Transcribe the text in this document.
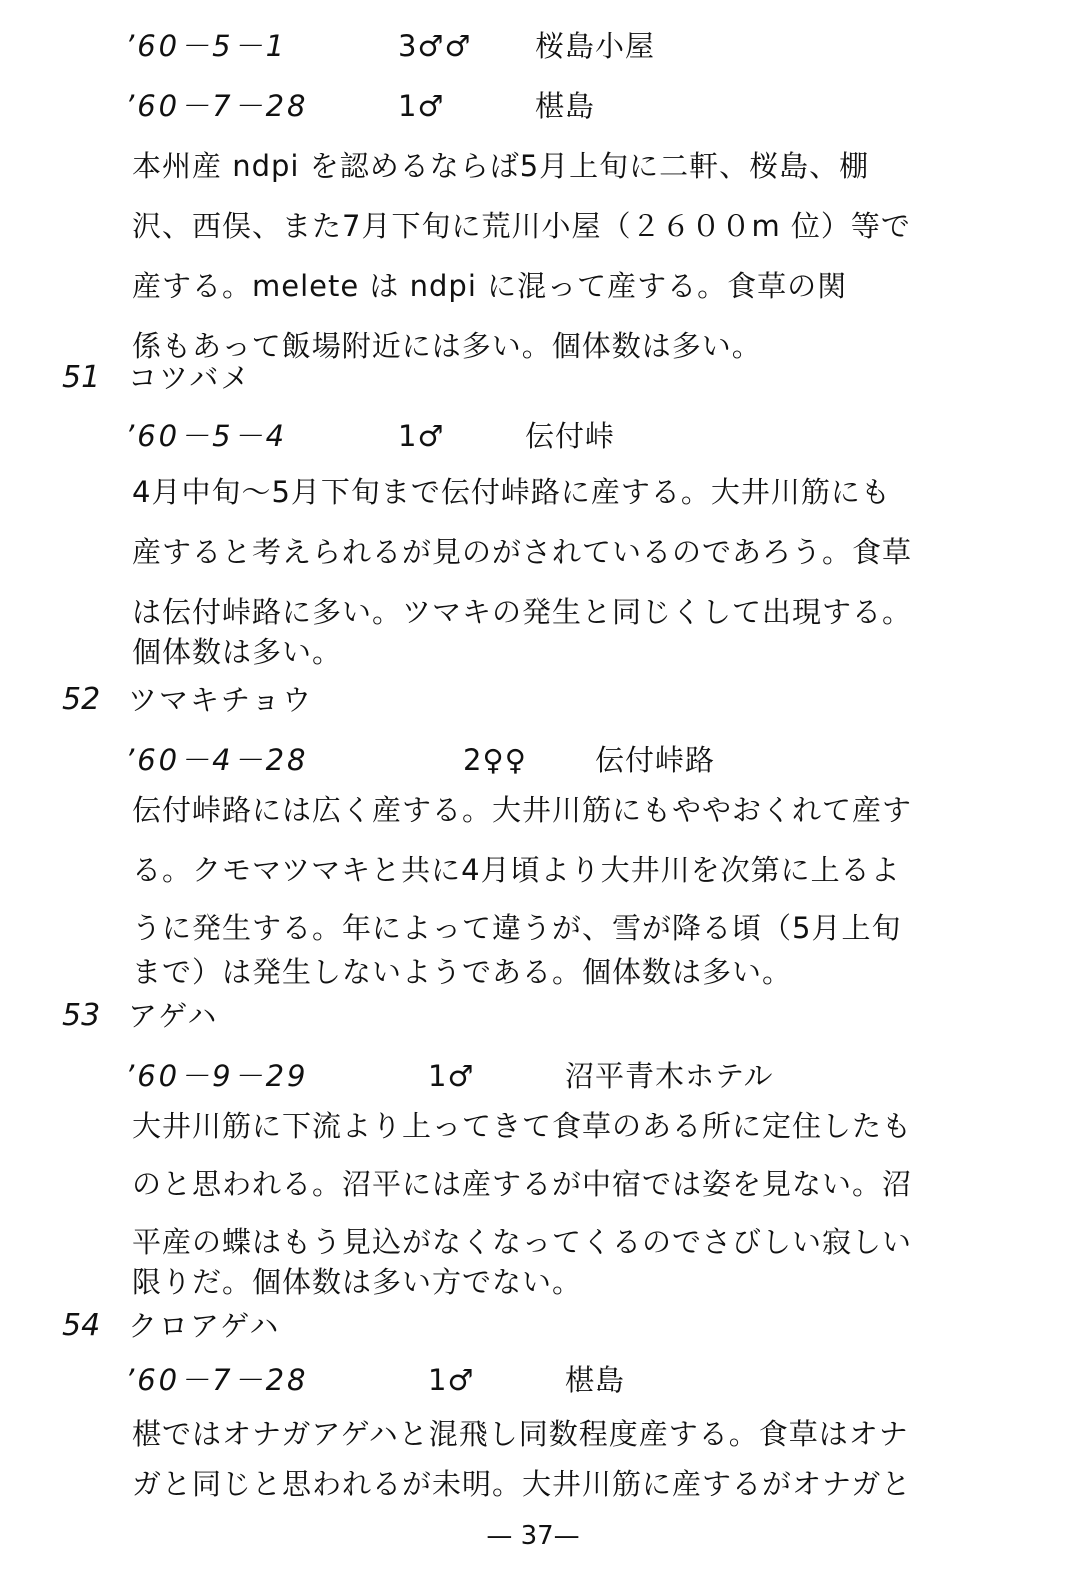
’60－5－1	3♂♂ 桜島小屋
’60－7－28	1♂	椹島
本州産 ndpi を認めるならば5月上旬に二軒、桜島、棚
沢、西俣、また7月下旬に荒川小屋（２６００m 位）等で
産する。melete は ndpi に混って産する。食草の関
係もあって飯場附近には多い。個体数は多い。
51 コツバメ
’60－5－4	1♂	伝付峠
4月中旬～5月下旬まで伝付峠路に産する。大井川筋にも
産すると考えられるが見のがされているのであろう。食草
は伝付峠路に多い。ツマキの発生と同じくして出現する。
個体数は多い。
52 ツマキチョウ
’60－4－28	2♀♀ 伝付峠路
伝付峠路には広く産する。大井川筋にもややおくれて産す
る。クモマツマキと共に4月頃より大井川を次第に上るよ
うに発生する。年によって違うが、雪が降る頃（5月上旬
まで）は発生しないようである。個体数は多い。
53 アゲハ
’60－9－29	1♂	沼平青木ホテル
大井川筋に下流より上ってきて食草のある所に定住したも
のと思われる。沼平には産するが中宿では姿を見ない。沼
平産の蝶はもう見込がなくなってくるのでさびしい寂しい
限りだ。個体数は多い方でない。
54 クロアゲハ
’60－7－28	1♂	椹島
椹ではオナガアゲハと混飛し同数程度産する。食草はオナ
ガと同じと思われるが未明。大井川筋に産するがオナガと
— 37—
